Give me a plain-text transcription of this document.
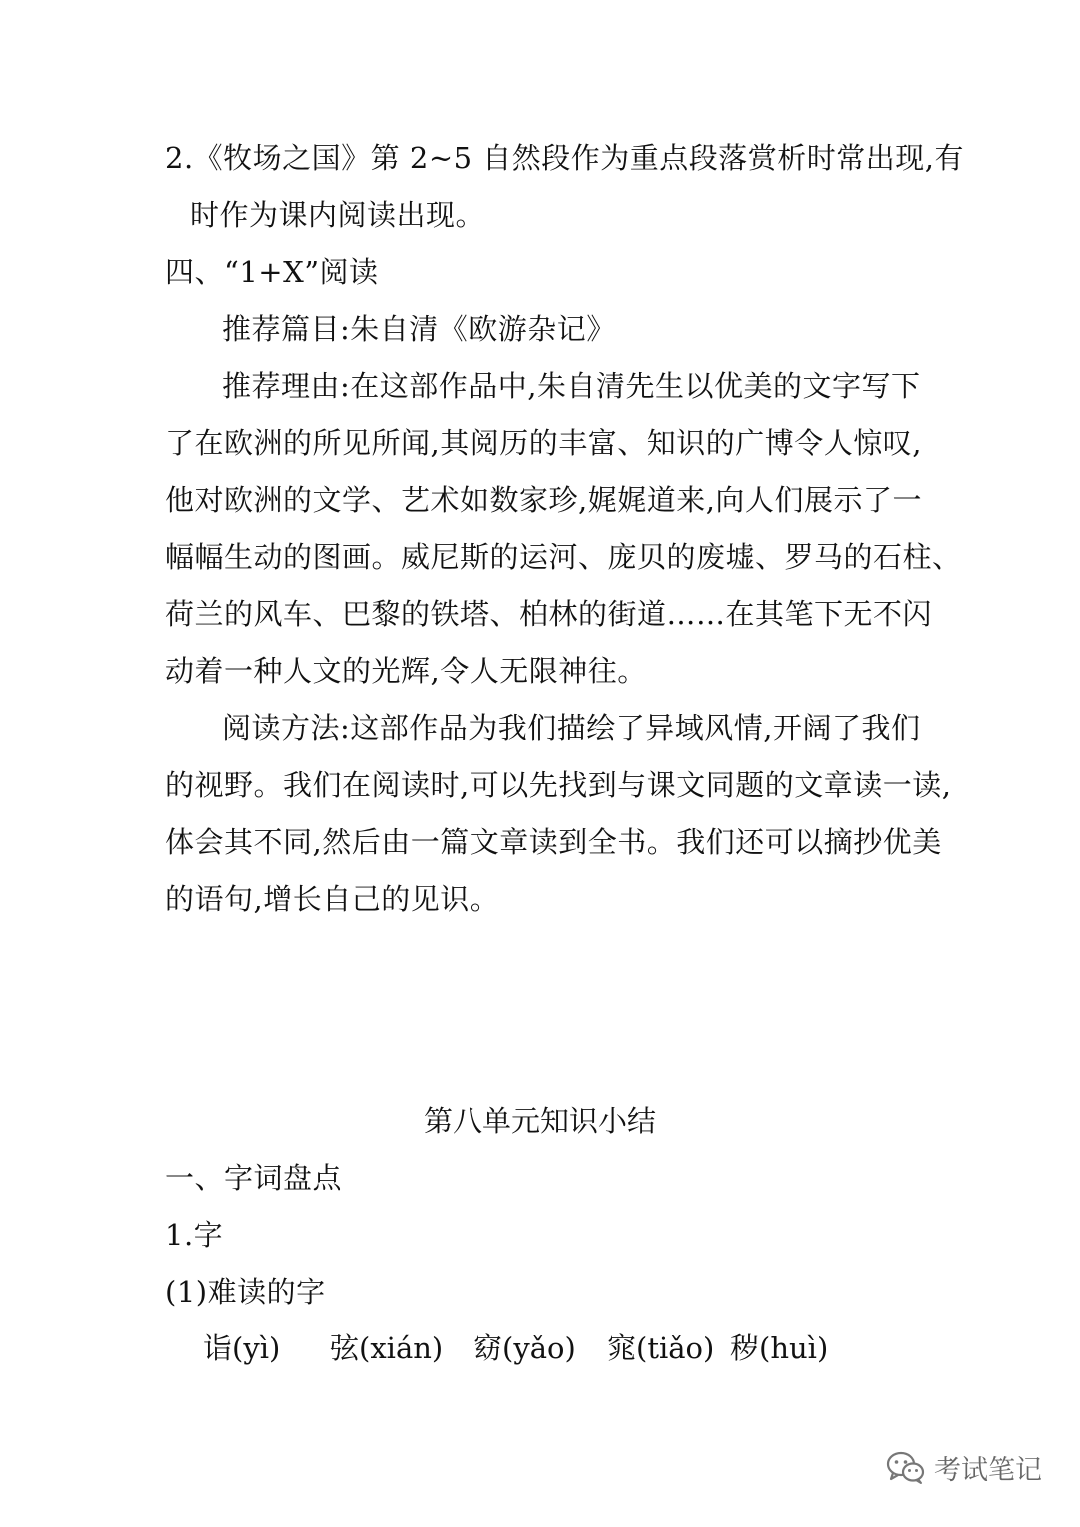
2.《牧场之国》第 2~5 自然段作为重点段落赏析时常出现,有
时作为课内阅读出现。
四、“1+X”阅读
推荐篇目:朱自清《欧游杂记》
推荐理由:在这部作品中,朱自清先生以优美的文字写下
了在欧洲的所见所闻,其阅历的丰富、知识的广博令人惊叹,
他对欧洲的文学、艺术如数家珍,娓娓道来,向人们展示了一
幅幅生动的图画。威尼斯的运河、庞贝的废墟、罗马的石柱、
荷兰的风车、巴黎的铁塔、柏林的街道……在其笔下无不闪
动着一种人文的光辉,令人无限神往。
阅读方法:这部作品为我们描绘了异域风情,开阔了我们
的视野。我们在阅读时,可以先找到与课文同题的文章读一读,
体会其不同,然后由一篇文章读到全书。我们还可以摘抄优美
的语句,增长自己的见识。
第八单元知识小结
一、字词盘点
1.字
(1)难读的字
诣(yì) 弦(xián) 窈(yǎo) 窕(tiǎo) 秽(huì)
考试笔记
